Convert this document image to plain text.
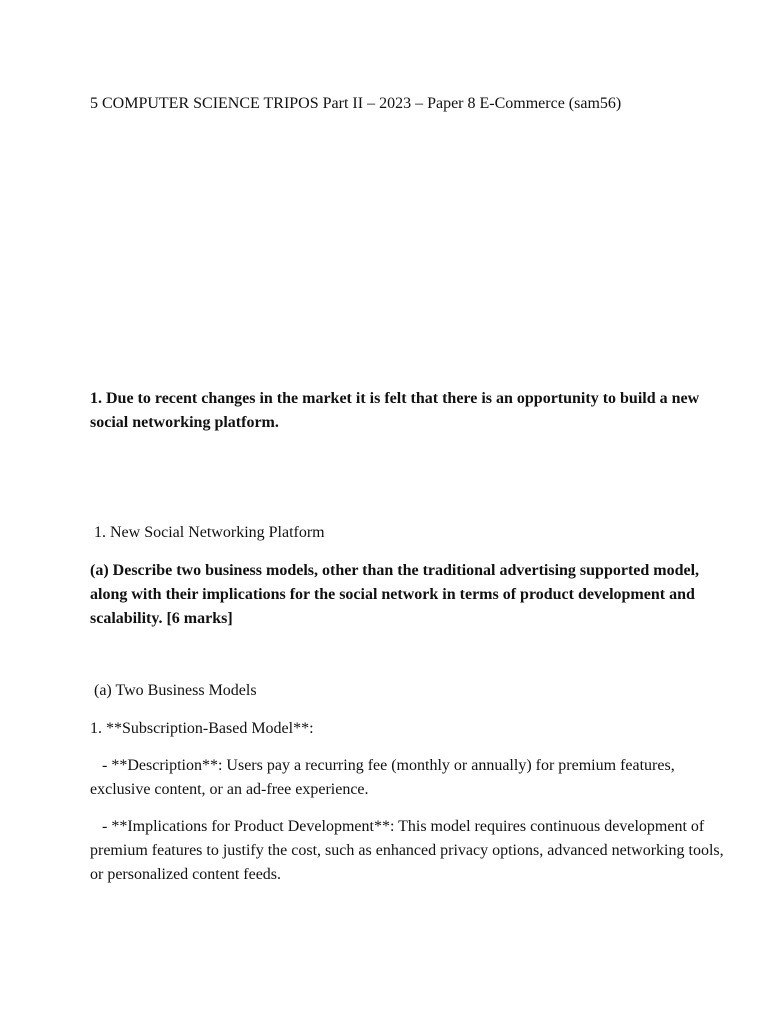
5 COMPUTER SCIENCE TRIPOS Part II – 2023 – Paper 8 E-Commerce (sam56)

1. Due to recent changes in the market it is felt that there is an opportunity to build a new social networking platform.

1. New Social Networking Platform

(a) Describe two business models, other than the traditional advertising supported model, along with their implications for the social network in terms of product development and scalability. [6 marks]

(a) Two Business Models

1. **Subscription-Based Model**:

- **Description**: Users pay a recurring fee (monthly or annually) for premium features, exclusive content, or an ad-free experience.

- **Implications for Product Development**: This model requires continuous development of premium features to justify the cost, such as enhanced privacy options, advanced networking tools, or personalized content feeds.
